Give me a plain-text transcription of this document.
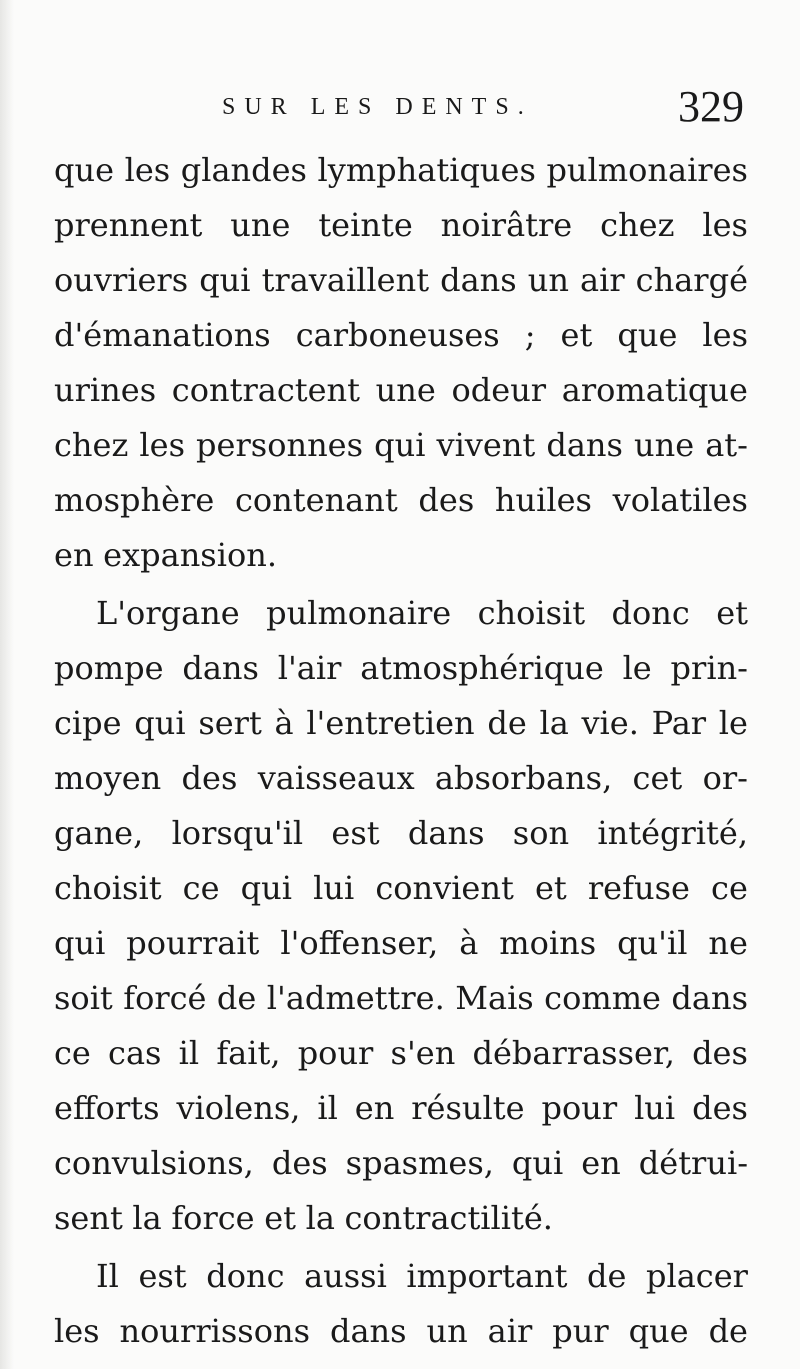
SUR LES DENTS.	329
que les glandes lymphatiques pulmonaires
prennent une teinte noirâtre chez les
ouvriers qui travaillent dans un air chargé
d'émanations carboneuses ; et que les
urines contractent une odeur aromatique
chez les personnes qui vivent dans une at-
mosphère contenant des huiles volatiles
en expansion.
L'organe pulmonaire choisit donc et
pompe dans l'air atmosphérique le prin-
cipe qui sert à l'entretien de la vie. Par le
moyen des vaisseaux absorbans, cet or-
gane, lorsqu'il est dans son intégrité,
choisit ce qui lui convient et refuse ce
qui pourrait l'offenser, à moins qu'il ne
soit forcé de l'admettre. Mais comme dans
ce cas il fait, pour s'en débarrasser, des
efforts violens, il en résulte pour lui des
convulsions, des spasmes, qui en détrui-
sent la force et la contractilité.
Il est donc aussi important de placer
les nourrissons dans un air pur que de
